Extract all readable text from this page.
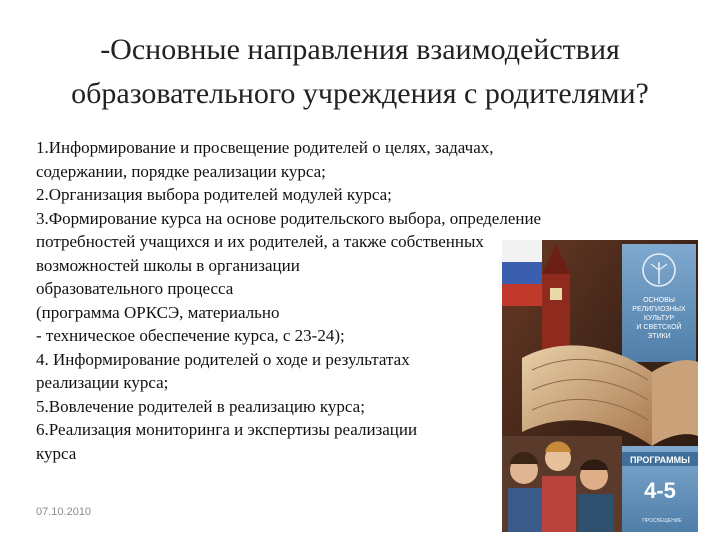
-Основные направления взаимодействия
образовательного учреждения с родителями?
1.Информирование и просвещение родителей о целях, задачах,
содержании, порядке реализации курса;
2.Организация выбора родителей модулей курса;
3.Формирование курса на основе родительского выбора, определение
потребностей учащихся и их родителей, а также собственных
возможностей школы в организации
образовательного процесса
(программа ОРКСЭ, материально
- техническое обеспечение курса, с 23-24);
4. Информирование родителей о ходе и результатах
реализации курса;
5.Вовлечение родителей в реализацию курса;
6.Реализация мониторинга и экспертизы реализации
курса
07.10.2010
ОСНОВЫ
РЕЛИГИОЗНЫХ
КУЛЬТУР
И СВЕТСКОЙ
ЭТИКИ
ПРОГРАММЫ
4-5
ПРОСВЕЩЕНИЕ
